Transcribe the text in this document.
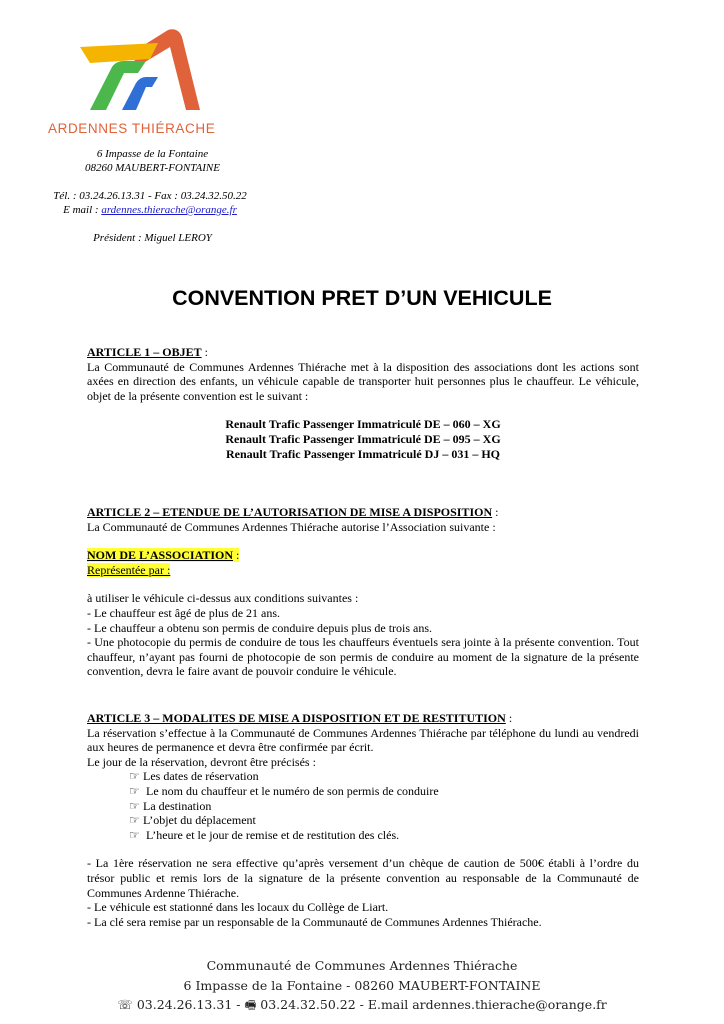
ARDENNES THIÉRACHE
6 Impasse de la Fontaine
08260 MAUBERT-FONTAINE
Tél. : 03.24.26.13.31 - Fax : 03.24.32.50.22
E mail : ardennes.thierache@orange.fr
Président : Miguel LEROY
CONVENTION PRET D’UN VEHICULE

ARTICLE 1 – OBJET :

La Communauté de Communes Ardennes Thiérache met à la disposition des associations dont les actions sont axées en direction des enfants, un véhicule capable de transporter huit personnes plus le chauffeur. Le véhicule, objet de la présente convention est le suivant :

Renault Trafic Passenger Immatriculé DE – 060 – XG

Renault Trafic Passenger Immatriculé DE – 095 – XG

Renault Trafic Passenger Immatriculé DJ – 031 – HQ

ARTICLE 2 – ETENDUE DE L’AUTORISATION DE MISE A DISPOSITION :

La Communauté de Communes Ardennes Thiérache autorise l’Association suivante :

NOM DE L’ASSOCIATION :

Représentée par :

à utiliser le véhicule ci-dessus aux conditions suivantes :

- Le chauffeur est âgé de plus de 21 ans.

- Le chauffeur a obtenu son permis de conduire depuis plus de trois ans.

- Une photocopie du permis de conduire de tous les chauffeurs éventuels sera jointe à la présente convention. Tout chauffeur, n’ayant pas fourni de photocopie de son permis de conduire au moment de la signature de la présente convention, devra le faire avant de pouvoir conduire le véhicule.

ARTICLE 3 – MODALITES DE MISE A DISPOSITION ET DE RESTITUTION :

La réservation s’effectue à la Communauté de Communes Ardennes Thiérache par téléphone du lundi au vendredi aux heures de permanence et devra être confirmée par écrit.

Le jour de la réservation, devront être précisés :

☞ Les dates de réservation

☞ Le nom du chauffeur et le numéro de son permis de conduire

☞ La destination

☞ L’objet du déplacement

☞ L’heure et le jour de remise et de restitution des clés.

- La 1ère réservation ne sera effective qu’après versement d’un chèque de caution de 500€ établi à l’ordre du trésor public et remis lors de la signature de la présente convention au responsable de la Communauté de Communes Ardenne Thiérache.

- Le véhicule est stationné dans les locaux du Collège de Liart.

- La clé sera remise par un responsable de la Communauté de Communes Ardennes Thiérache.

Communauté de Communes Ardennes Thiérache
6 Impasse de la Fontaine - 08260 MAUBERT-FONTAINE
☏ 03.24.26.13.31 - 🖷 03.24.32.50.22 - E.mail ardennes.thierache@orange.fr
